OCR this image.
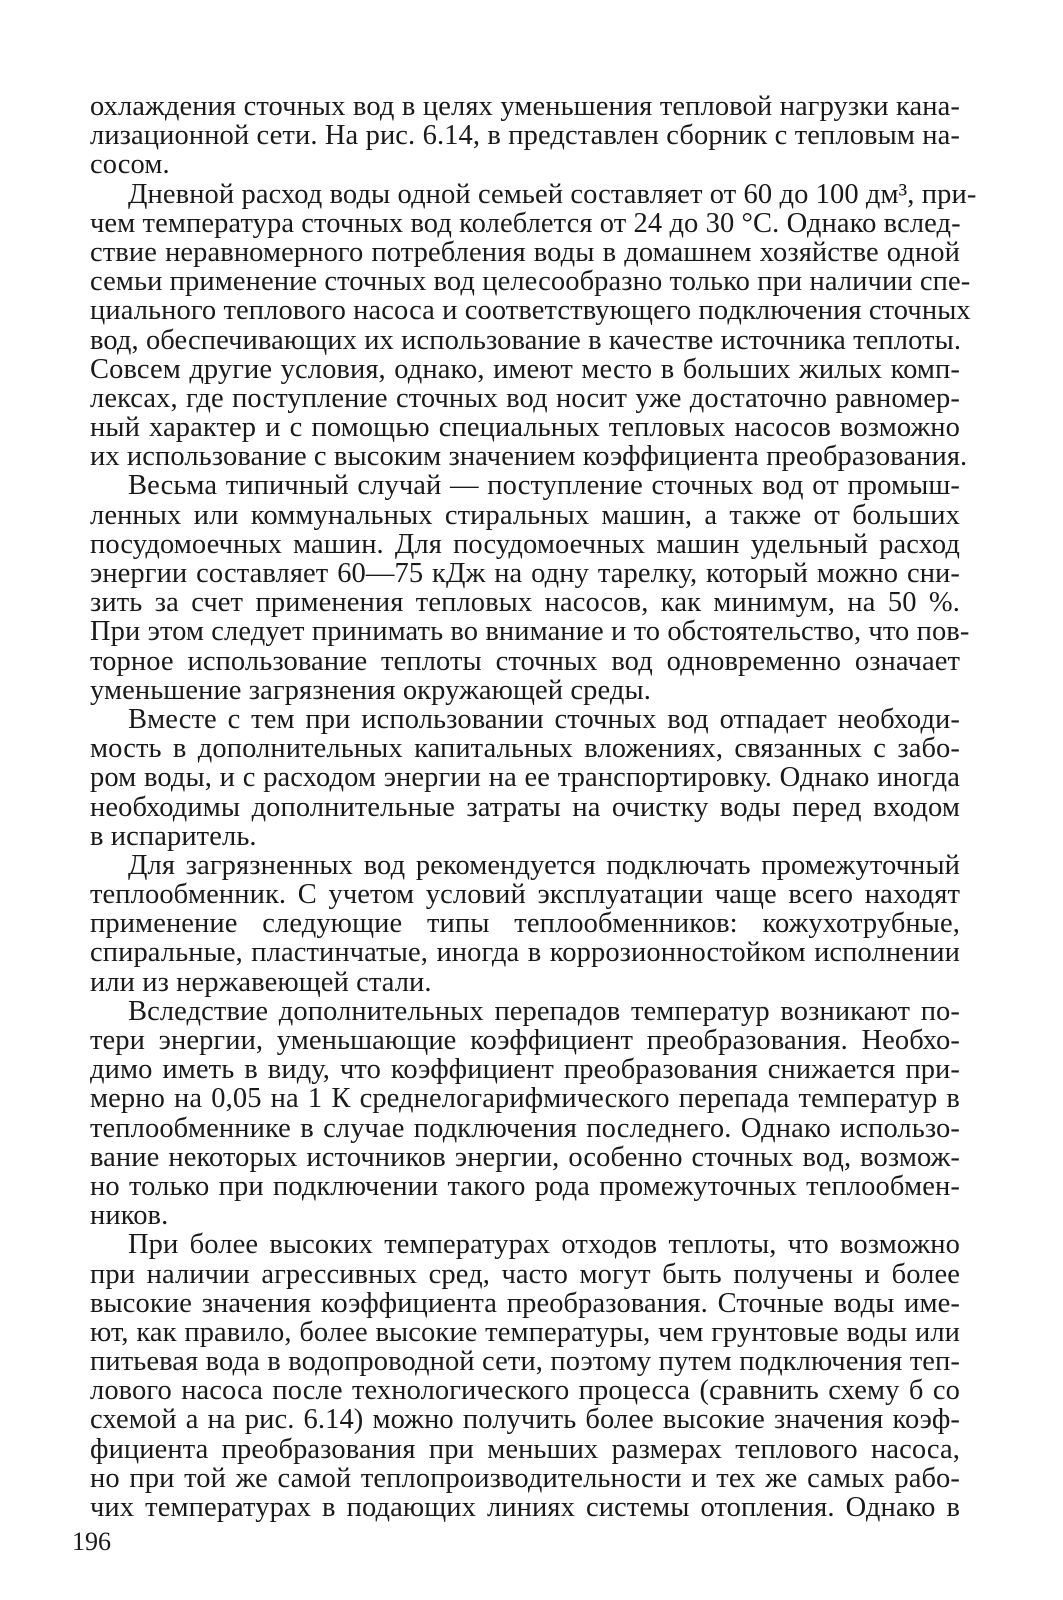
охлаждения сточных вод в целях уменьшения тепловой нагрузки кана-
лизационной сети. На рис. 6.14, в представлен сборник с тепловым на-
сосом.
Дневной расход воды одной семьей составляет от 60 до 100 дм³, при-
чем температура сточных вод колеблется от 24 до 30 °С. Однако вслед-
ствие неравномерного потребления воды в домашнем хозяйстве одной
семьи применение сточных вод целесообразно только при наличии спе-
циального теплового насоса и соответствующего подключения сточных
вод, обеспечивающих их использование в качестве источника теплоты.
Совсем другие условия, однако, имеют место в больших жилых комп-
лексах, где поступление сточных вод носит уже достаточно равномер-
ный характер и с помощью специальных тепловых насосов возможно
их использование с высоким значением коэффициента преобразования.
Весьма типичный случай — поступление сточных вод от промыш-
ленных или коммунальных стиральных машин, а также от больших
посудомоечных машин. Для посудомоечных машин удельный расход
энергии составляет 60—75 кДж на одну тарелку, который можно сни-
зить за счет применения тепловых насосов, как минимум, на 50 %.
При этом следует принимать во внимание и то обстоятельство, что пов-
торное использование теплоты сточных вод одновременно означает
уменьшение загрязнения окружающей среды.
Вместе с тем при использовании сточных вод отпадает необходи-
мость в дополнительных капитальных вложениях, связанных с забо-
ром воды, и с расходом энергии на ее транспортировку. Однако иногда
необходимы дополнительные затраты на очистку воды перед входом
в испаритель.
Для загрязненных вод рекомендуется подключать промежуточный
теплообменник. С учетом условий эксплуатации чаще всего находят
применение следующие типы теплообменников: кожухотрубные,
спиральные, пластинчатые, иногда в коррозионностойком исполнении
или из нержавеющей стали.
Вследствие дополнительных перепадов температур возникают по-
тери энергии, уменьшающие коэффициент преобразования. Необхо-
димо иметь в виду, что коэффициент преобразования снижается при-
мерно на 0,05 на 1 К среднелогарифмического перепада температур в
теплообменнике в случае подключения последнего. Однако использо-
вание некоторых источников энергии, особенно сточных вод, возмож-
но только при подключении такого рода промежуточных теплообмен-
ников.
При более высоких температурах отходов теплоты, что возможно
при наличии агрессивных сред, часто могут быть получены и более
высокие значения коэффициента преобразования. Сточные воды име-
ют, как правило, более высокие температуры, чем грунтовые воды или
питьевая вода в водопроводной сети, поэтому путем подключения теп-
лового насоса после технологического процесса (сравнить схему б со
схемой а на рис. 6.14) можно получить более высокие значения коэф-
фициента преобразования при меньших размерах теплового насоса,
но при той же самой теплопроизводительности и тех же самых рабо-
чих температурах в подающих линиях системы отопления. Однако в
196
